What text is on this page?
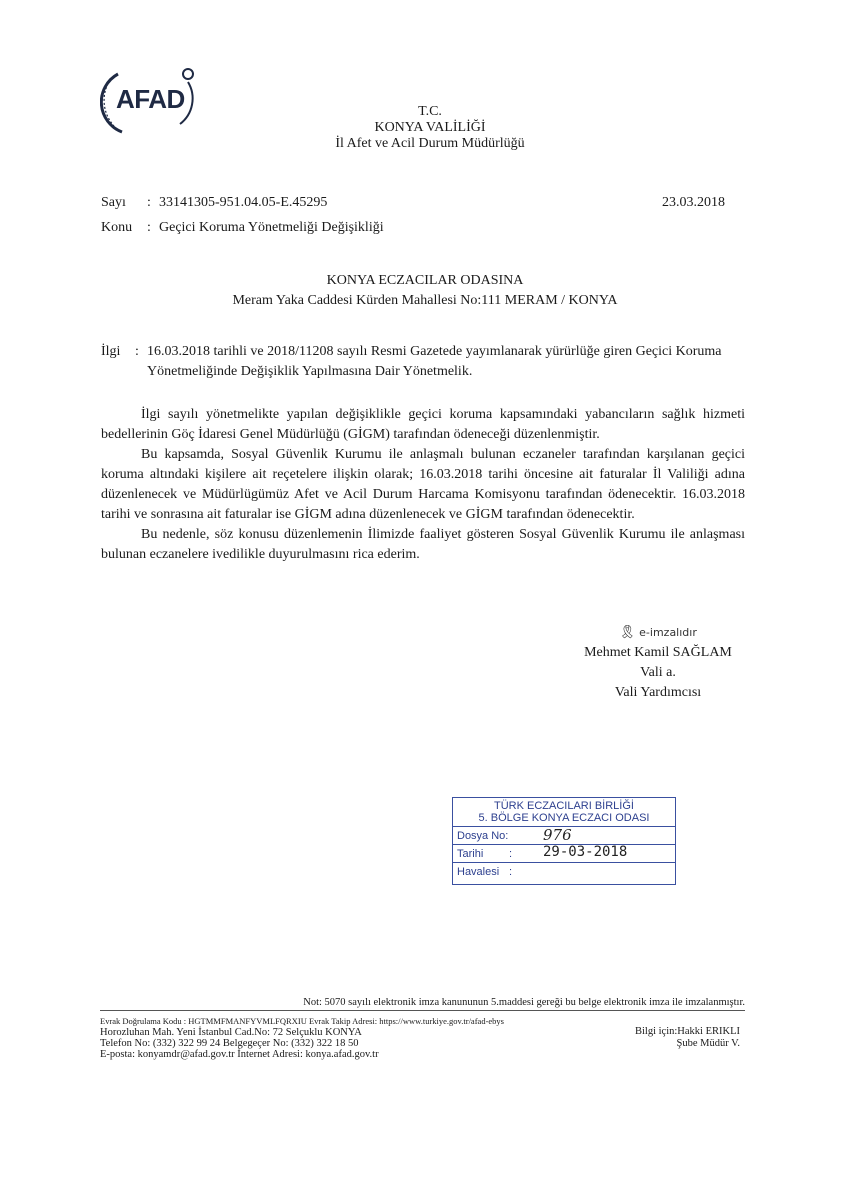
AFAD	T.C.
KONYA VALİLİĞİ
İl Afet ve Acil Durum Müdürlüğü
Sayı : 33141305-951.04.05-E.45295	23.03.2018
Konu : Geçici Koruma Yönetmeliği Değişikliği
KONYA ECZACILAR ODASINA
Meram Yaka Caddesi Kürden Mahallesi No:111 MERAM / KONYA
İlgi : 16.03.2018 tarihli ve 2018/11208 sayılı Resmi Gazetede yayımlanarak yürürlüğe giren Geçici Koruma Yönetmeliğinde Değişiklik Yapılmasına Dair Yönetmelik.

İlgi sayılı yönetmelikte yapılan değişiklikle geçici koruma kapsamındaki yabancıların sağlık hizmeti bedellerinin Göç İdaresi Genel Müdürlüğü (GİGM) tarafından ödeneceği düzenlenmiştir.

Bu kapsamda, Sosyal Güvenlik Kurumu ile anlaşmalı bulunan eczaneler tarafından karşılanan geçici koruma altındaki kişilere ait reçetelere ilişkin olarak; 16.03.2018 tarihi öncesine ait faturalar İl Valiliği adına düzenlenecek ve Müdürlügümüz Afet ve Acil Durum Harcama Komisyonu tarafından ödenecektir. 16.03.2018 tarihi ve sonrasına ait faturalar ise GİGM adına düzenlenecek ve GİGM tarafından ödenecektir.

Bu nedenle, söz konusu düzenlemenin İlimizde faaliyet gösteren Sosyal Güvenlik Kurumu ile anlaşması bulunan eczanelere ivedilikle duyurulmasını rica ederim.

🎗︎ e-imzalıdır
Mehmet Kamil SAĞLAM
Vali a.
Vali Yardımcısı
TÜRK ECZACILARI BİRLİĞİ
5. BÖLGE KONYA ECZACI ODASI
Dosya No: 976
Tarihi : 29-03-2018
Havalesi :
Not: 5070 sayılı elektronik imza kanununun 5.maddesi gereği bu belge elektronik imza ile imzalanmıştır.
Evrak Doğrulama Kodu : HGTMMFMANFYVMLFQRXIU Evrak Takip Adresi: https://www.turkiye.gov.tr/afad-ebys
Horozluhan Mah. Yeni İstanbul Cad.No: 72 Selçuklu KONYA
Telefon No: (332) 322 99 24 Belgegeçer No: (332) 322 18 50
E-posta: konyamdr@afad.gov.tr İnternet Adresi: konya.afad.gov.tr
Bilgi için:Hakki ERIKLI
Şube Müdür V.
